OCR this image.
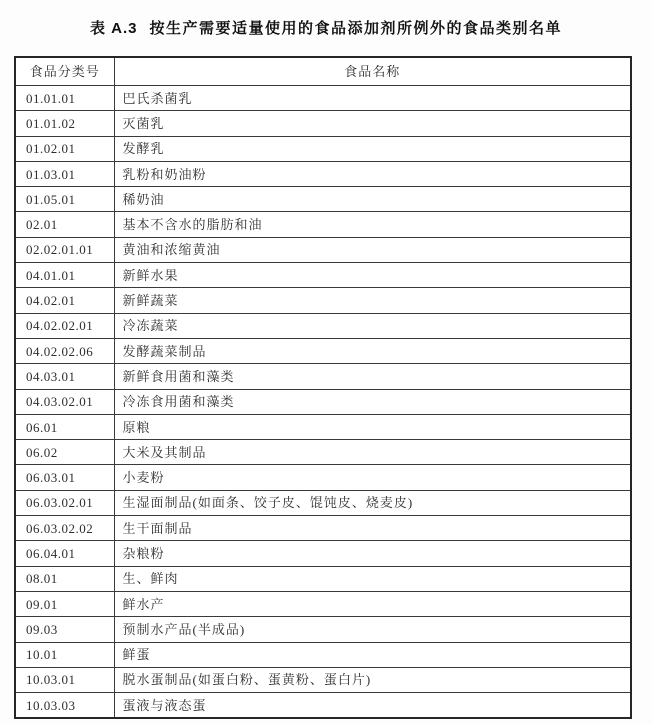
表 A.3 按生产需要适量使用的食品添加剂所例外的食品类别名单
食品分类号	食品名称
01.01.01	巴氏杀菌乳
01.01.02	灭菌乳
01.02.01	发酵乳
01.03.01	乳粉和奶油粉
01.05.01	稀奶油
02.01	基本不含水的脂肪和油
02.02.01.01	黄油和浓缩黄油
04.01.01	新鲜水果
04.02.01	新鲜蔬菜
04.02.02.01	冷冻蔬菜
04.02.02.06	发酵蔬菜制品
04.03.01	新鲜食用菌和藻类
04.03.02.01	冷冻食用菌和藻类
06.01	原粮
06.02	大米及其制品
06.03.01	小麦粉
06.03.02.01	生湿面制品(如面条、饺子皮、馄饨皮、烧麦皮)
06.03.02.02	生干面制品
06.04.01	杂粮粉
08.01	生、鲜肉
09.01	鲜水产
09.03	预制水产品(半成品)
10.01	鲜蛋
10.03.01	脱水蛋制品(如蛋白粉、蛋黄粉、蛋白片)
10.03.03	蛋液与液态蛋
